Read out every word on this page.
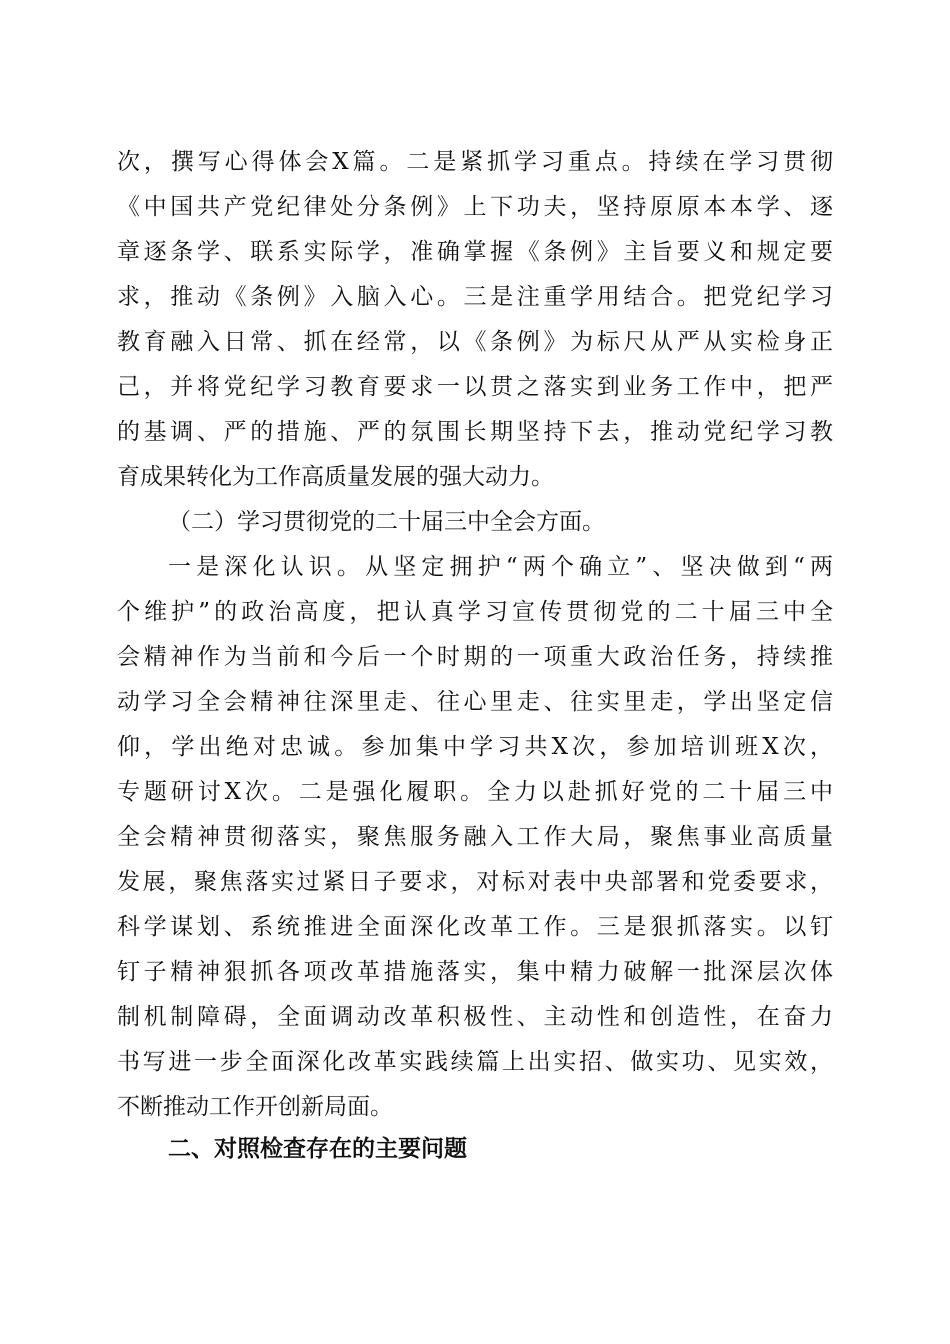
次，撰写心得体会X篇。二是紧抓学习重点。持续在学习贯彻
《中国共产党纪律处分条例》上下功夫，坚持原原本本学、逐
章逐条学、联系实际学，准确掌握《条例》主旨要义和规定要
求，推动《条例》入脑入心。三是注重学用结合。把党纪学习
教育融入日常、抓在经常，以《条例》为标尺从严从实检身正
己，并将党纪学习教育要求一以贯之落实到业务工作中，把严
的基调、严的措施、严的氛围长期坚持下去，推动党纪学习教
育成果转化为工作高质量发展的强大动力。
（二）学习贯彻党的二十届三中全会方面。
一是深化认识。从坚定拥护“两个确立”、坚决做到“两
个维护”的政治高度，把认真学习宣传贯彻党的二十届三中全
会精神作为当前和今后一个时期的一项重大政治任务，持续推
动学习全会精神往深里走、往心里走、往实里走，学出坚定信
仰，学出绝对忠诚。参加集中学习共X次，参加培训班X次，
专题研讨X次。二是强化履职。全力以赴抓好党的二十届三中
全会精神贯彻落实，聚焦服务融入工作大局，聚焦事业高质量
发展，聚焦落实过紧日子要求，对标对表中央部署和党委要求，
科学谋划、系统推进全面深化改革工作。三是狠抓落实。以钉
钉子精神狠抓各项改革措施落实，集中精力破解一批深层次体
制机制障碍，全面调动改革积极性、主动性和创造性，在奋力
书写进一步全面深化改革实践续篇上出实招、做实功、见实效，
不断推动工作开创新局面。
二、对照检查存在的主要问题
